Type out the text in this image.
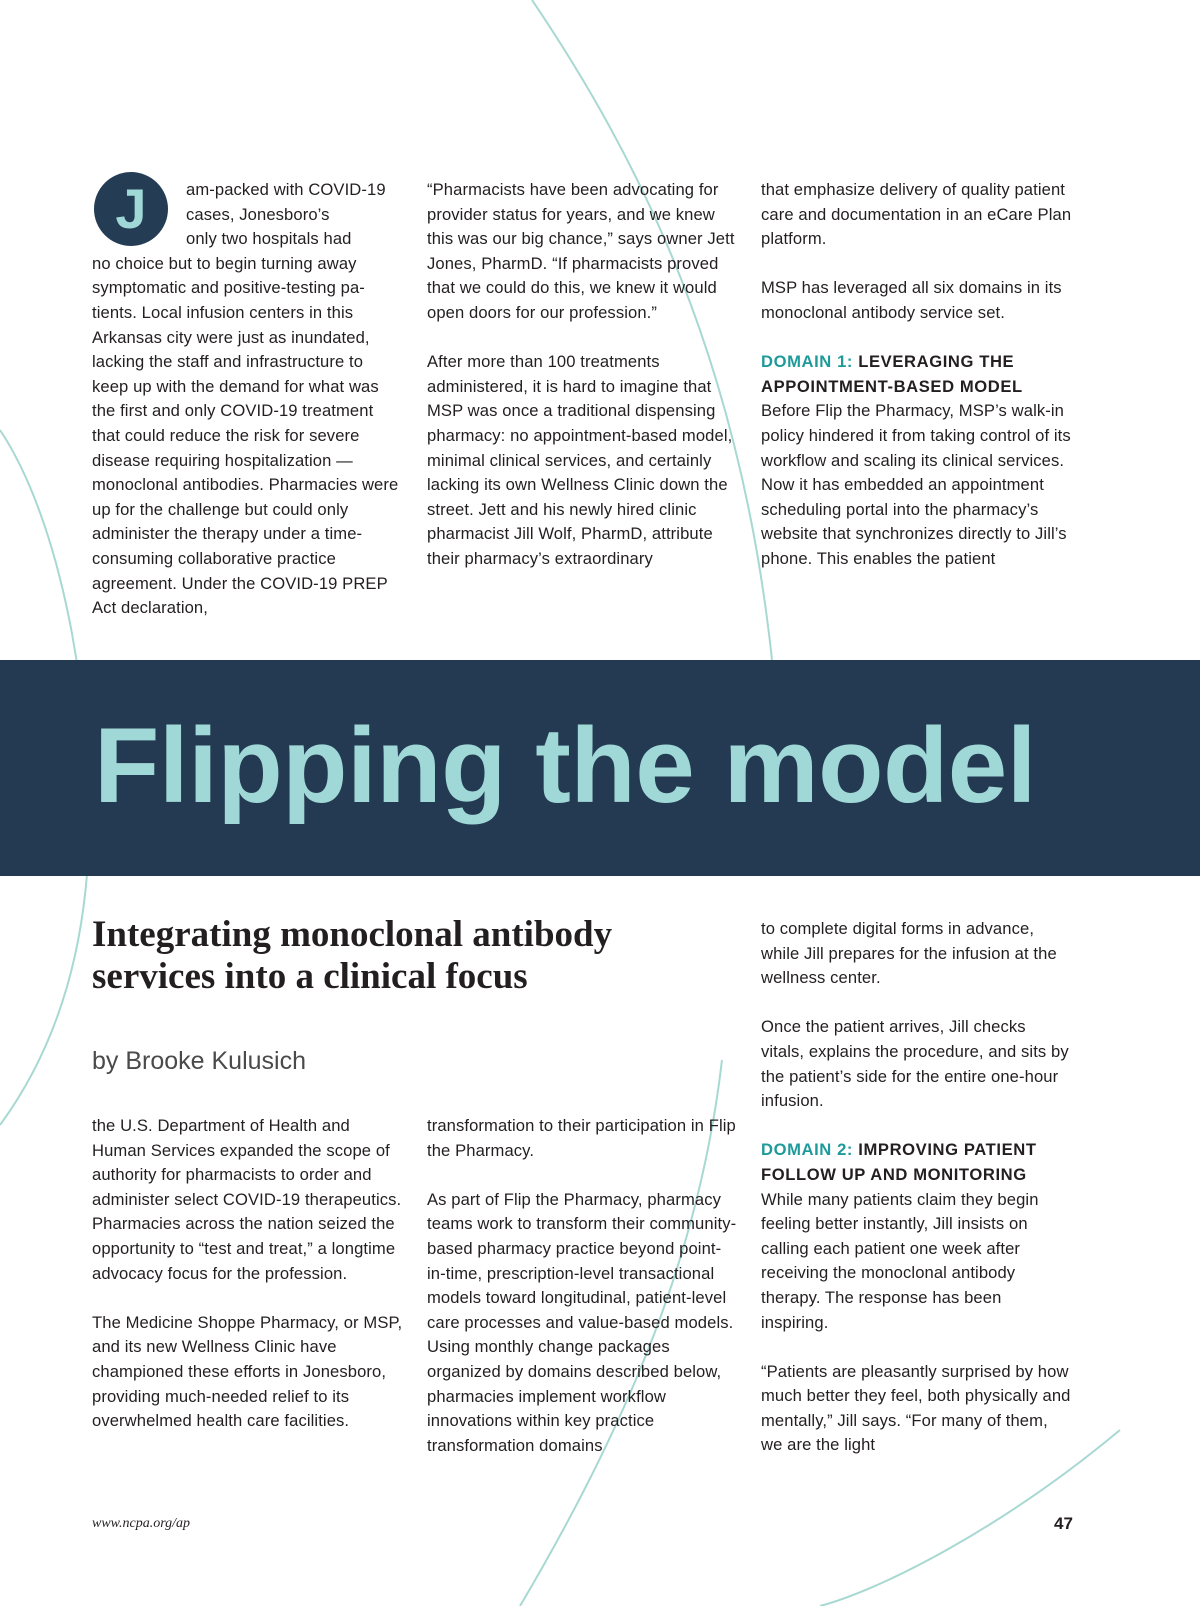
J	am-packed with COVID-19
cases, Jonesboro’s
only two hospitals had

no choice but to begin turning away symptomatic and positive-testing patients. Local infusion centers in this Arkansas city were just as inundated, lacking the staff and infrastructure to keep up with the demand for what was the first and only COVID-19 treatment that could reduce the risk for severe disease requiring hospitalization — monoclonal antibodies. Pharmacies were up for the challenge but could only administer the therapy under a time-consuming collaborative practice agreement. Under the COVID-19 PREP Act declaration,

“Pharmacists have been advocating for provider status for years, and we knew this was our big chance,” says owner Jett Jones, PharmD. “If pharmacists proved that we could do this, we knew it would open doors for our profession.”

After more than 100 treatments administered, it is hard to imagine that MSP was once a traditional dispensing pharmacy: no appointment-based model, minimal clinical services, and certainly lacking its own Wellness Clinic down the street. Jett and his newly hired clinic pharmacist Jill Wolf, PharmD, attribute their pharmacy’s extraordinary

that emphasize delivery of quality patient care and documentation in an eCare Plan platform.

MSP has leveraged all six domains in its monoclonal antibody service set.

DOMAIN 1: LEVERAGING THE APPOINTMENT-BASED MODEL

Before Flip the Pharmacy, MSP’s walk-in policy hindered it from taking control of its workflow and scaling its clinical services. Now it has embedded an appointment scheduling portal into the pharmacy’s website that synchronizes directly to Jill’s phone. This enables the patient

Flipping the model
Integrating monoclonal antibody services into a clinical focus

by Brooke Kulusich

the U.S. Department of Health and Human Services expanded the scope of authority for pharmacists to order and administer select COVID-19 therapeutics. Pharmacies across the nation seized the opportunity to “test and treat,” a longtime advocacy focus for the profession.

The Medicine Shoppe Pharmacy, or MSP, and its new Wellness Clinic have championed these efforts in Jonesboro, providing much-needed relief to its overwhelmed health care facilities.

transformation to their participation in Flip the Pharmacy.

As part of Flip the Pharmacy, pharmacy teams work to transform their community-based pharmacy practice beyond point-in-time, prescription-level transactional models toward longitudinal, patient-level care processes and value-based models. Using monthly change packages organized by domains described below, pharmacies implement workflow innovations within key practice transformation domains

to complete digital forms in advance, while Jill prepares for the infusion at the wellness center.

Once the patient arrives, Jill checks vitals, explains the procedure, and sits by the patient’s side for the entire one-hour infusion.

DOMAIN 2: IMPROVING PATIENT FOLLOW UP AND MONITORING

While many patients claim they begin feeling better instantly, Jill insists on calling each patient one week after receiving the monoclonal antibody therapy. The response has been inspiring.

“Patients are pleasantly surprised by how much better they feel, both physically and mentally,” Jill says. “For many of them, we are the light

www.ncpa.org/ap	47
